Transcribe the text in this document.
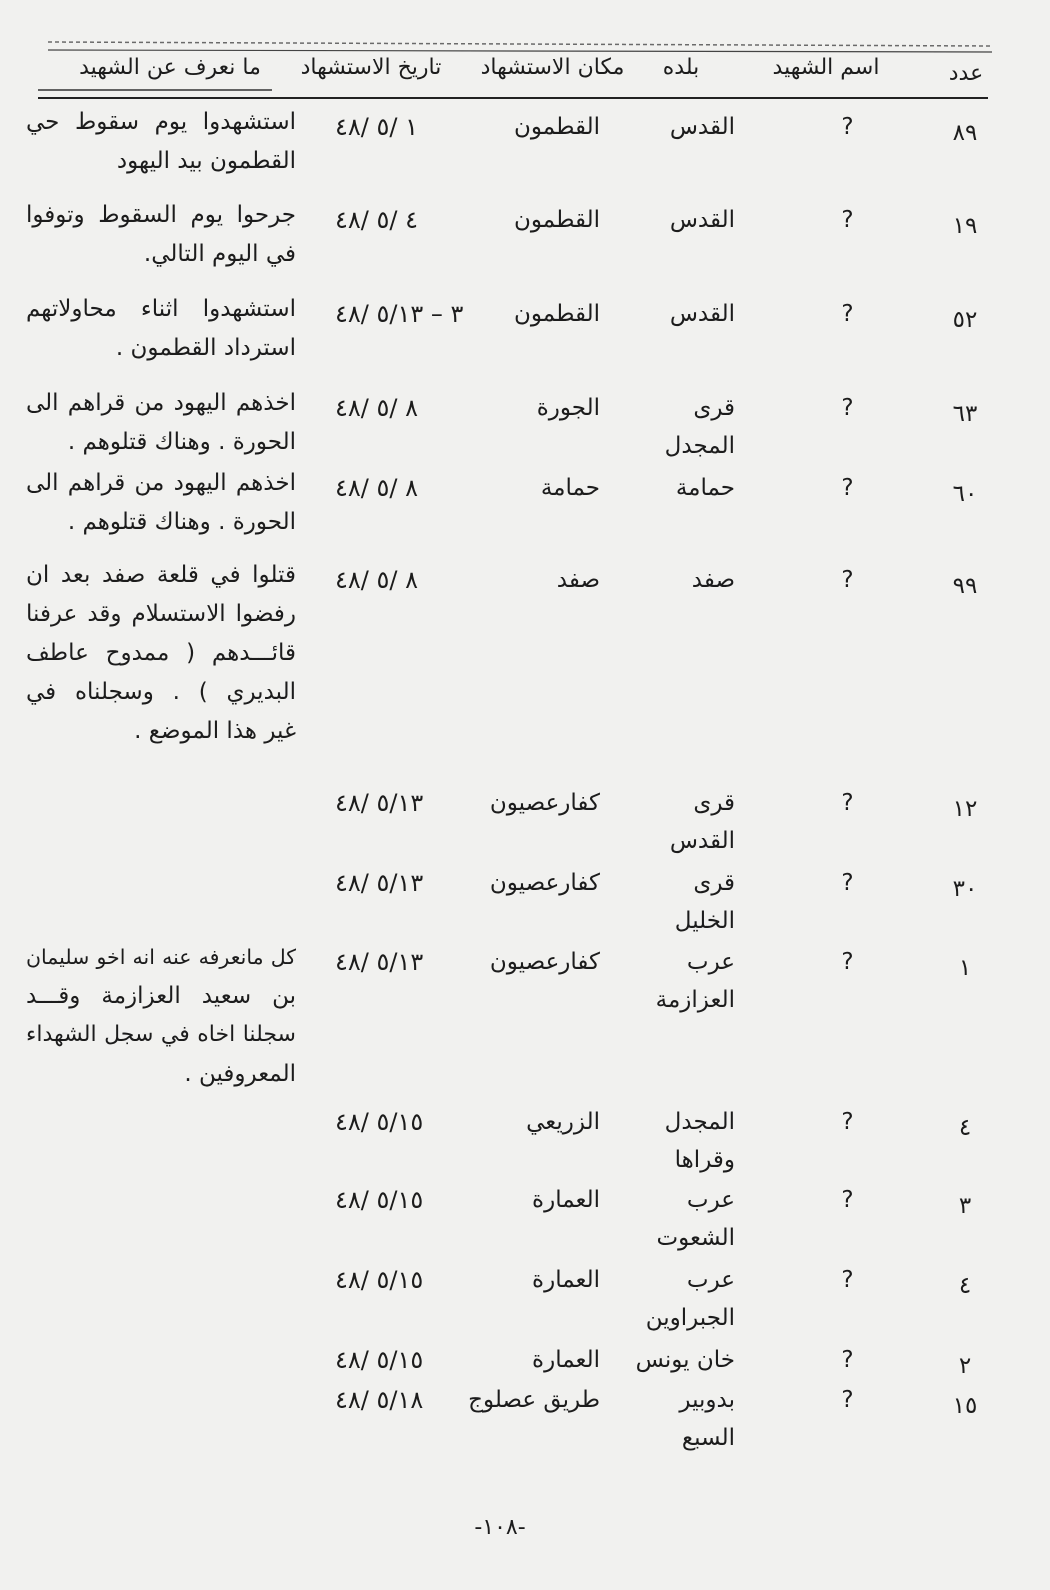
عدد
اسم الشهيد
بلده
مكان الاستشهاد
تاريخ الاستشهاد
ما نعرف عن الشهيد
٨٩
?
القدس
القطمون
٤٨/ ٥/ ١
استشهدوا يوم سقوط حي
القطمون بيد اليهود
١٩
?
القدس
القطمون
٤٨/ ٥/ ٤
جرحوا يوم السقوط وتوفوا
في اليوم التالي.
٥٢
?
القدس
القطمون
٤٨/ ٥/١٣ – ٣
استشهدوا اثناء محاولاتهم
استرداد القطمون .
٦٣
?
قرى
المجدل
الجورة
٤٨/ ٥/ ٨
اخذهم اليهود من قراهم الى
الحورة . وهناك قتلوهم .
٦٠
?
حمامة
حمامة
٤٨/ ٥/ ٨
اخذهم اليهود من قراهم الى
الحورة . وهناك قتلوهم .
٩٩
?
صفد
صفد
٤٨/ ٥/ ٨
قتلوا في قلعة صفد بعد ان
رفضوا الاستسلام وقد عرفنا
قائـــدهم ( ممدوح عاطف
البديري ) . وسجلناه في
غير هذا الموضع .
١٢
?
قرى
القدس
كفارعصيون
٤٨/ ٥/١٣
٣٠
?
قرى
الخليل
كفارعصيون
٤٨/ ٥/١٣
١
?
عرب
العزازمة
كفارعصيون
٤٨/ ٥/١٣
كل مانعرفه عنه انه اخو سليمان
بن سعيد العزازمة وقـــد
سجلنا اخاه في سجل الشهداء
المعروفين .
٤
?
المجدل
وقراها
الزريعي
٤٨/ ٥/١٥
٣
?
عرب
الشعوت
العمارة
٤٨/ ٥/١٥
٤
?
عرب
الجبراوين
العمارة
٤٨/ ٥/١٥
٢
?
خان يونس
العمارة
٤٨/ ٥/١٥
١٥
?
بدوبير
السبع
طريق عصلوج
٤٨/ ٥/١٨
-١٠٨-
